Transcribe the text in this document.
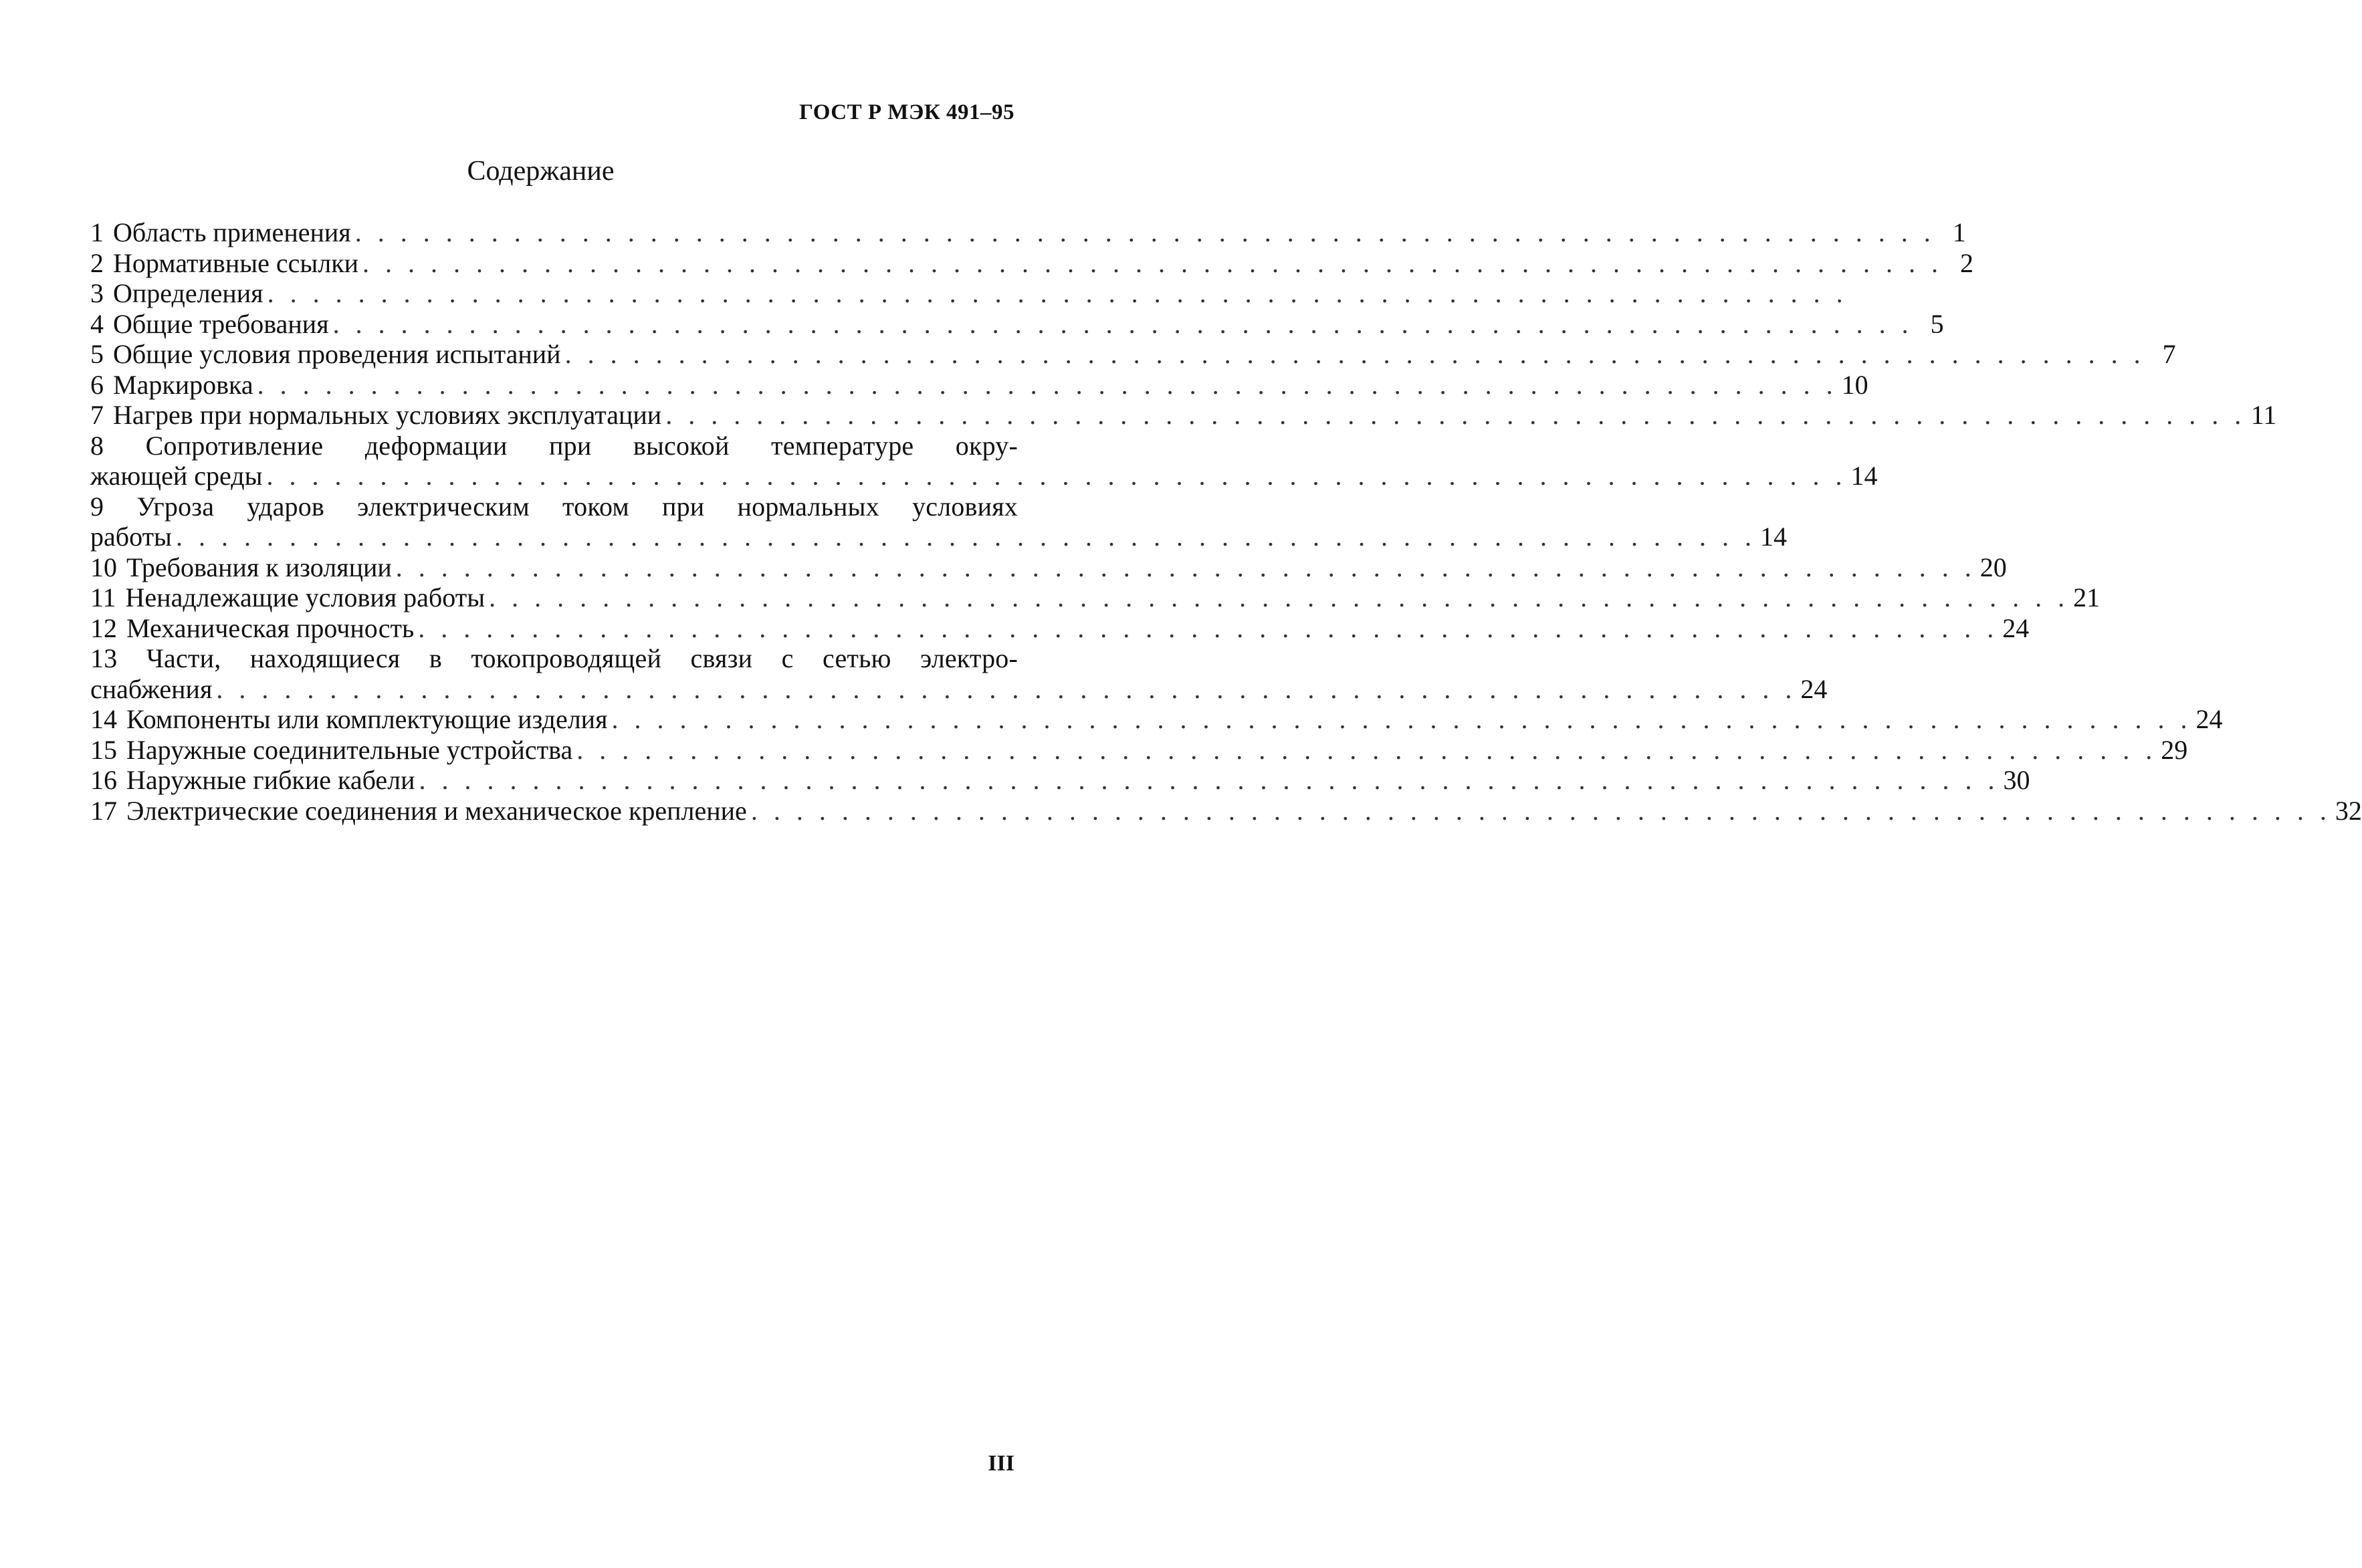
ГОСТ Р МЭК 491–95
Содержание
1 Область применения . . . . . . . . . . . . . . . . . . . . . . . . . . . . . . . . . . . . . . . . . . . . . . . . . . . . . . . . . . . . . . . . . . . . . . 1
2 Нормативные ссылки . . . . . . . . . . . . . . . . . . . . . . . . . . . . . . . . . . . . . . . . . . . . . . . . . . . . . . . . . . . . . . . . . . . . . . 2
3 Определения . . . . . . . . . . . . . . . . . . . . . . . . . . . . . . . . . . . . . . . . . . . . . . . . . . . . . . . . . . . . . . . . . . . . . .
4 Общие требования . . . . . . . . . . . . . . . . . . . . . . . . . . . . . . . . . . . . . . . . . . . . . . . . . . . . . . . . . . . . . . . . . . . . . . 5
5 Общие условия проведения испытаний . . . . . . . . . . . . . . . . . . . . . . . . . . . . . . . . . . . . . . . . . . . . . . . . . . . . . . . . . . . . . . . . . . . . . . 7
6 Маркировка . . . . . . . . . . . . . . . . . . . . . . . . . . . . . . . . . . . . . . . . . . . . . . . . . . . . . . . . . . . . . . . . . . . . . . 10
7 Нагрев при нормальных условиях эксплуатации . . . . . . . . . . . . . . . . . . . . . . . . . . . . . . . . . . . . . . . . . . . . . . . . . . . . . . . . . . . . . . . . . . . . . . 11
8 Сопротивление деформации при высокой температуре окру-
жающей среды . . . . . . . . . . . . . . . . . . . . . . . . . . . . . . . . . . . . . . . . . . . . . . . . . . . . . . . . . . . . . . . . . . . . . . 14
9 Угроза ударов электрическим током при нормальных условиях
работы . . . . . . . . . . . . . . . . . . . . . . . . . . . . . . . . . . . . . . . . . . . . . . . . . . . . . . . . . . . . . . . . . . . . . . 14
10 Требования к изоляции . . . . . . . . . . . . . . . . . . . . . . . . . . . . . . . . . . . . . . . . . . . . . . . . . . . . . . . . . . . . . . . . . . . . . . 20
11 Ненадлежащие условия работы . . . . . . . . . . . . . . . . . . . . . . . . . . . . . . . . . . . . . . . . . . . . . . . . . . . . . . . . . . . . . . . . . . . . . . 21
12 Механическая прочность . . . . . . . . . . . . . . . . . . . . . . . . . . . . . . . . . . . . . . . . . . . . . . . . . . . . . . . . . . . . . . . . . . . . . . 24
13 Части, находящиеся в токопроводящей связи с сетью электро-
снабжения . . . . . . . . . . . . . . . . . . . . . . . . . . . . . . . . . . . . . . . . . . . . . . . . . . . . . . . . . . . . . . . . . . . . . . 24
14 Компоненты или комплектующие изделия . . . . . . . . . . . . . . . . . . . . . . . . . . . . . . . . . . . . . . . . . . . . . . . . . . . . . . . . . . . . . . . . . . . . . . 24
15 Наружные соединительные устройства . . . . . . . . . . . . . . . . . . . . . . . . . . . . . . . . . . . . . . . . . . . . . . . . . . . . . . . . . . . . . . . . . . . . . . 29
16 Наружные гибкие кабели . . . . . . . . . . . . . . . . . . . . . . . . . . . . . . . . . . . . . . . . . . . . . . . . . . . . . . . . . . . . . . . . . . . . . . 30
17 Электрические соединения и механическое крепление . . . . . . . . . . . . . . . . . . . . . . . . . . . . . . . . . . . . . . . . . . . . . . . . . . . . . . . . . . . . . . . . . . . . . . 32
III
